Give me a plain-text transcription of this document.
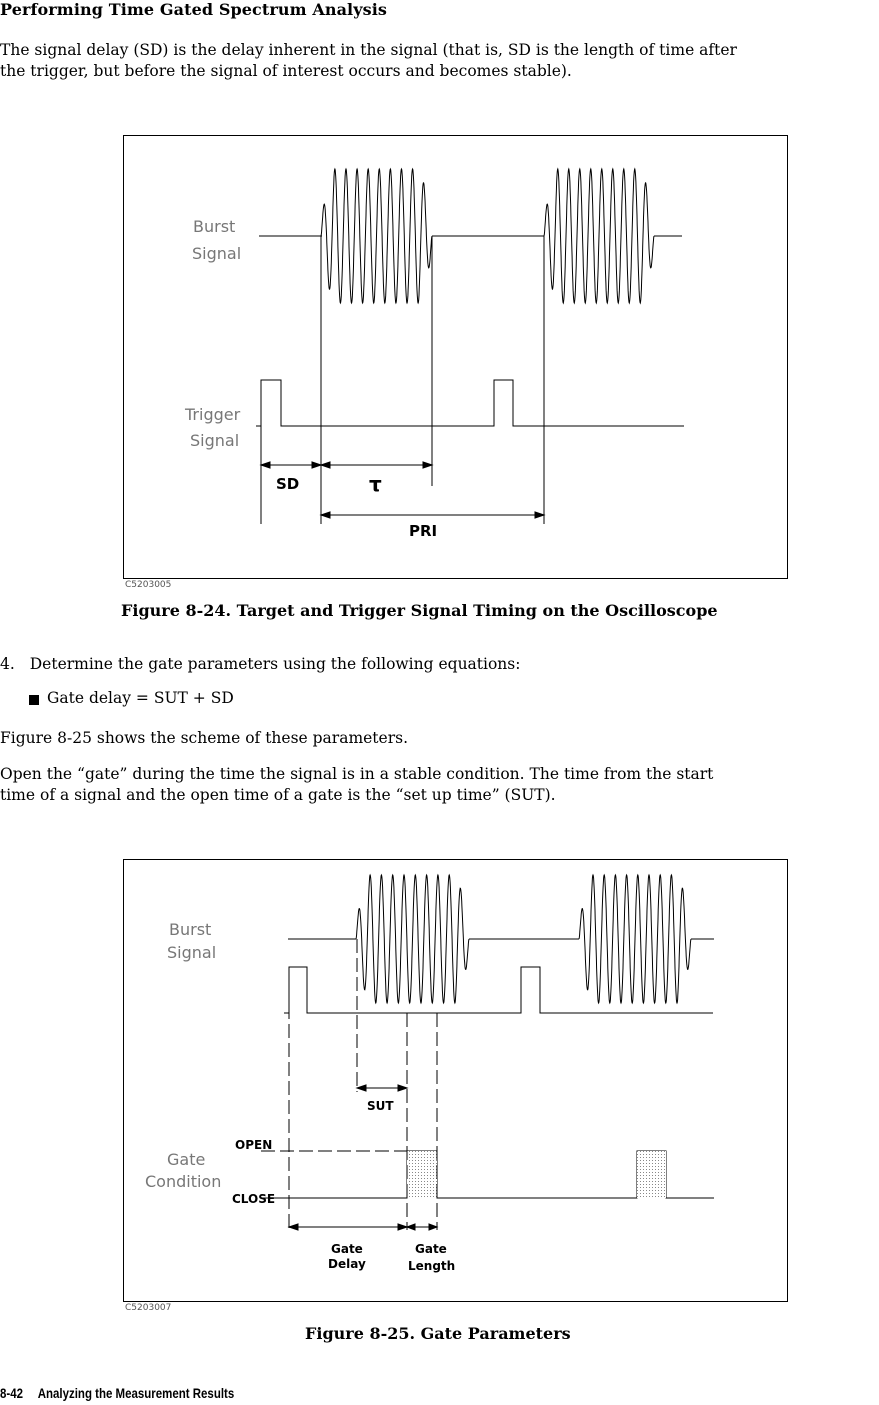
Performing Time Gated Spectrum Analysis
The signal delay (SD) is the delay inherent in the signal (that is, SD is the length of time after
the trigger, but before the signal of interest occurs and becomes stable).
Burst
Signal
Trigger
Signal
SD	τ
PRI
C5203005
Figure 8-24. Target and Trigger Signal Timing on the Oscilloscope
4. Determine the gate parameters using the following equations:
Gate delay = SUT + SD
Figure 8-25 shows the scheme of these parameters.
Open the “gate” during the time the signal is in a stable condition. The time from the start
time of a signal and the open time of a gate is the “set up time” (SUT).
Burst
Signal
SUT
Gate
Condition
OPEN
CLOSE
Gate
Delay
Gate
Length
C5203007
Figure 8-25. Gate Parameters
8-42 Analyzing the Measurement Results
